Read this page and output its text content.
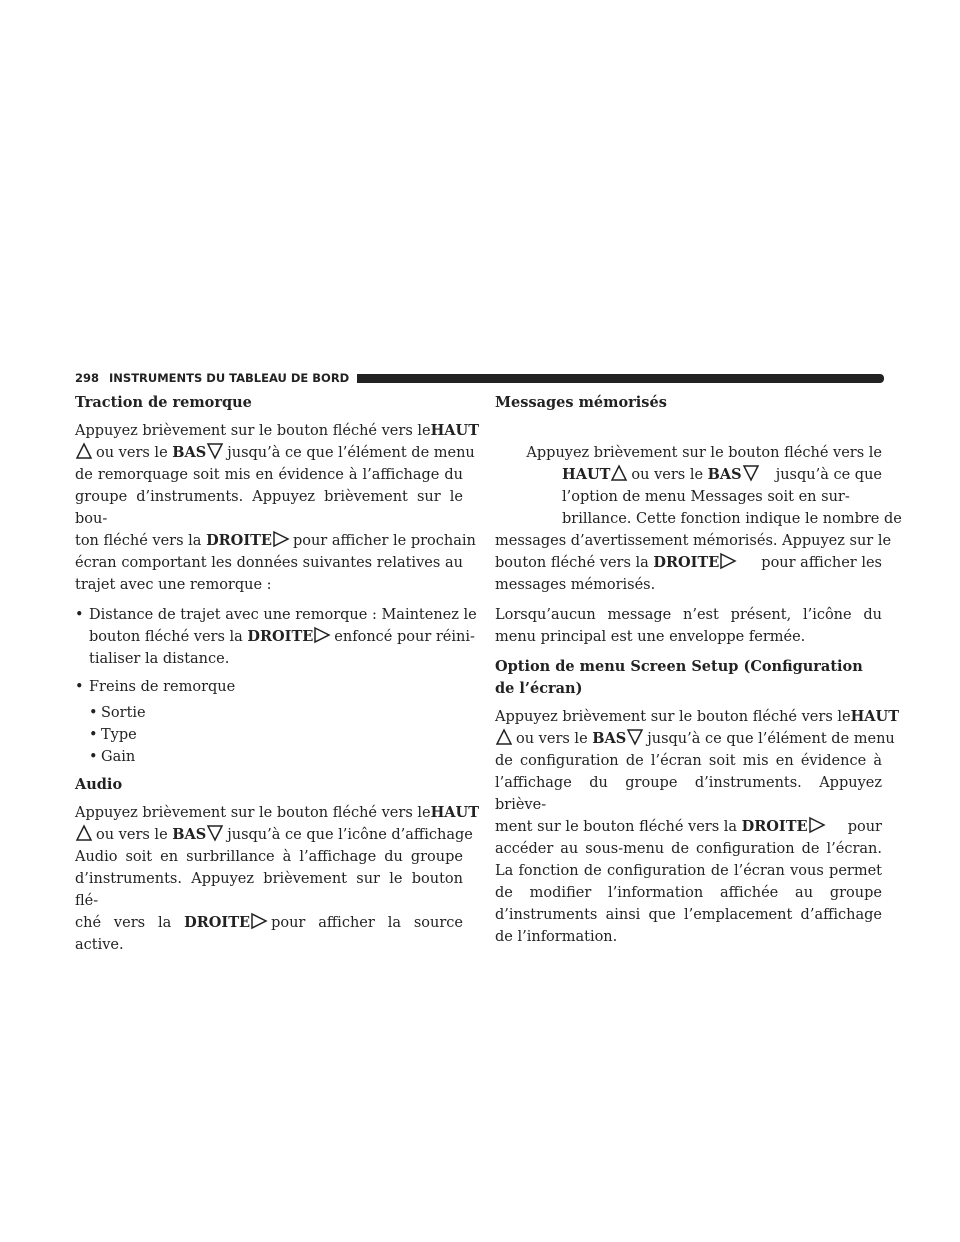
298 INSTRUMENTS DU TABLEAU DE BORD
Traction de remorque

Appuyez brièvement sur le bouton fléché vers le HAUT
ou vers le BAS	jusqu’à ce que l’élément de menu
de remorquage soit mis en évidence à l’affichage du groupe d’instruments. Appuyez brièvement sur le bou-

ton fléché vers la DROITE	pour afficher le prochain
écran comportant les données suivantes relatives au trajet avec une remorque :

• Distance de trajet avec une remorque : Maintenez le
bouton fléché vers la DROITE	enfoncé pour réini-
tialiser la distance.
• Freins de remorque
• Sortie
• Type
• Gain
Audio

Appuyez brièvement sur le bouton fléché vers le HAUT
ou vers le BAS	jusqu’à ce que l’icône d’affichage
Audio soit en surbrillance à l’affichage du groupe d’instruments. Appuyez brièvement sur le bouton flé-
ché vers la DROITE pour afficher la source active.

Messages mémorisés

Appuyez brièvement sur le bouton fléché vers le
HAUT ou vers le BAS	jusqu’à ce que
l’option de menu Messages soit en sur-
brillance. Cette fonction indique le nombre de
messages d’avertissement mémorisés. Appuyez sur le
bouton fléché vers la DROITE	pour afficher les
messages mémorisés.

Lorsqu’aucun message n’est présent, l’icône du menu principal est une enveloppe fermée.

Option de menu Screen Setup (Configuration de l’écran)

Appuyez brièvement sur le bouton fléché vers le HAUT
ou vers le BAS	jusqu’à ce que l’élément de menu
de configuration de l’écran soit mis en évidence à l’affichage du groupe d’instruments. Appuyez briève-

ment sur le bouton fléché vers la DROITE	pour
accéder au sous-menu de configuration de l’écran. La fonction de configuration de l’écran vous permet de modifier l’information affichée au groupe d’instruments ainsi que l’emplacement d’affichage de l’information.
